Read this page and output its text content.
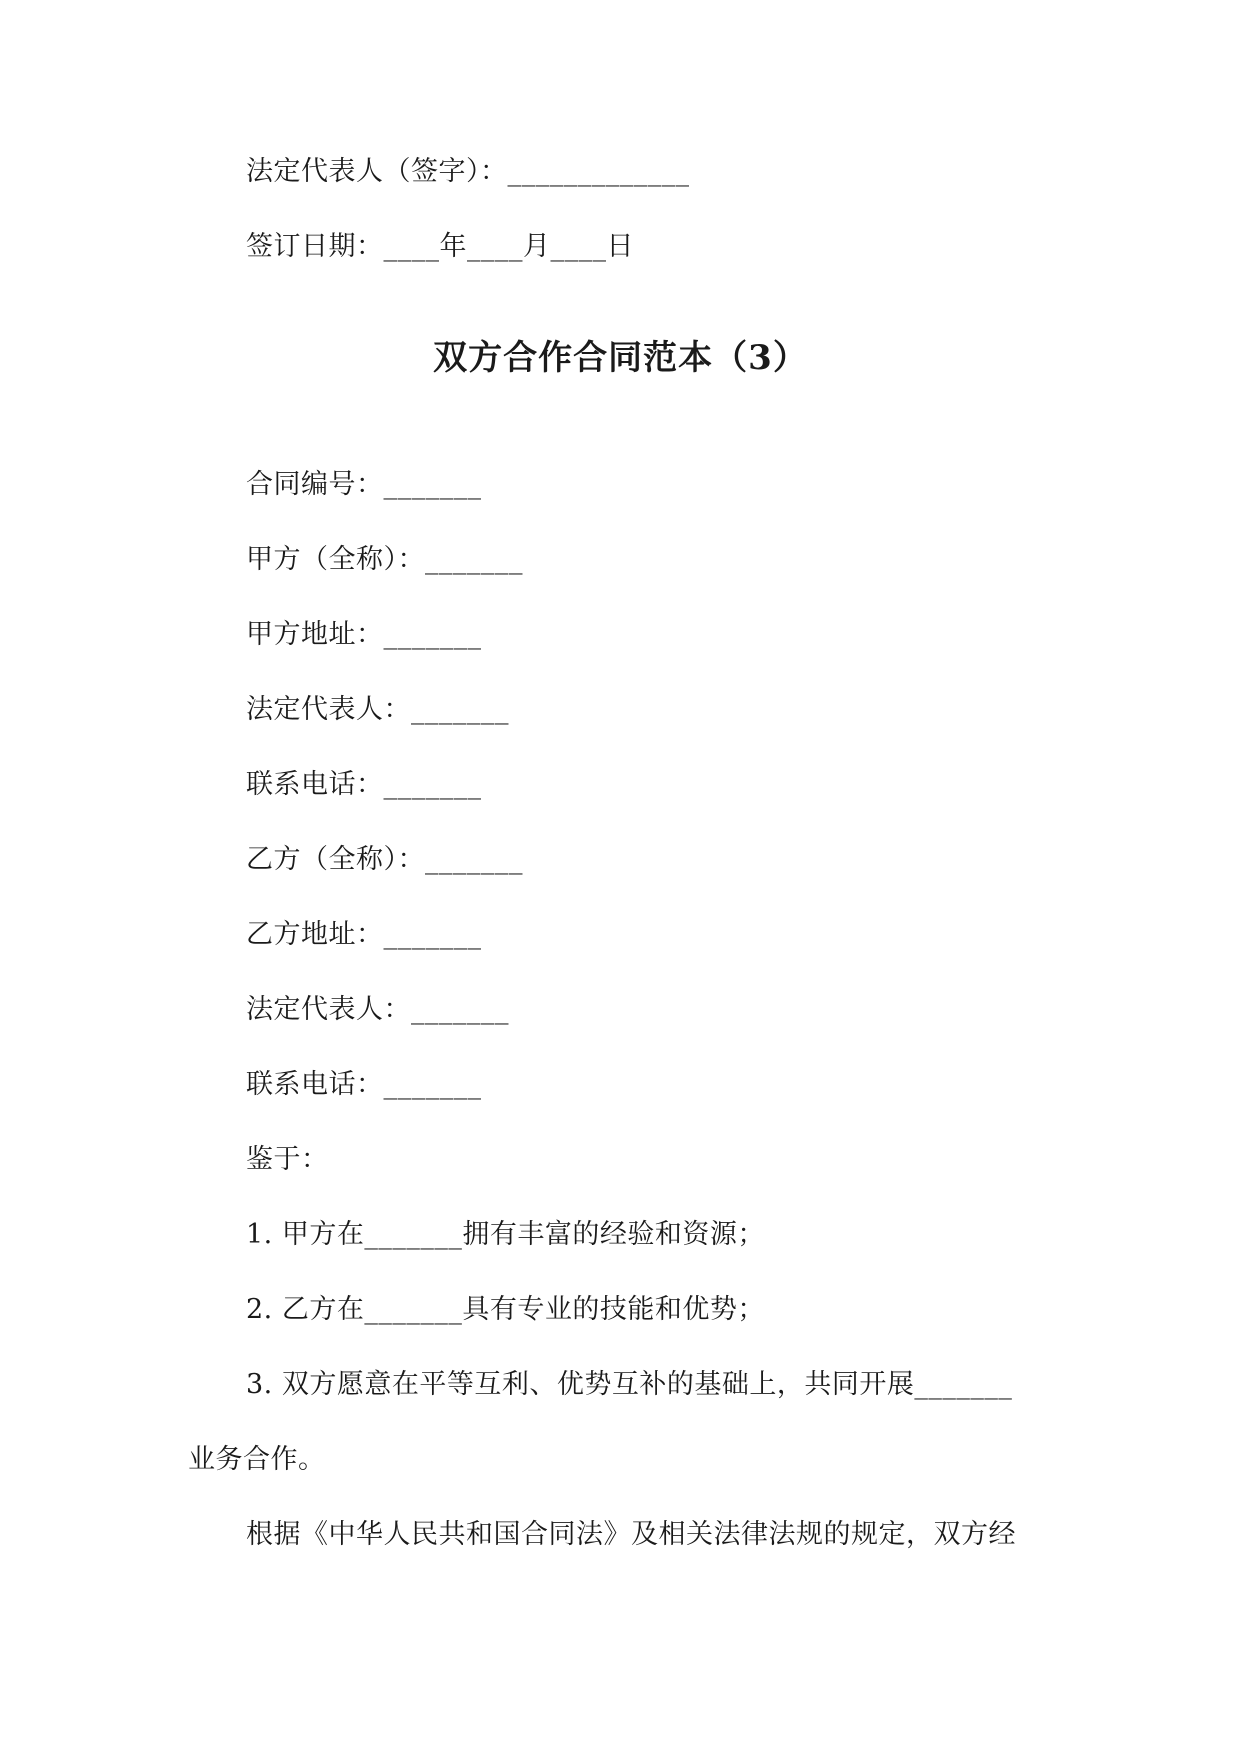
法定代表人（签字）：_____________
签订日期：____年____月____日
双方合作合同范本（3）
合同编号：_______
甲方（全称）：_______
甲方地址：_______
法定代表人：_______
联系电话：_______
乙方（全称）：_______
乙方地址：_______
法定代表人：_______
联系电话：_______
鉴于：
1. 甲方在_______拥有丰富的经验和资源；
2. 乙方在_______具有专业的技能和优势；
3. 双方愿意在平等互利、优势互补的基础上，共同开展_______
业务合作。
根据《中华人民共和国合同法》及相关法律法规的规定，双方经
